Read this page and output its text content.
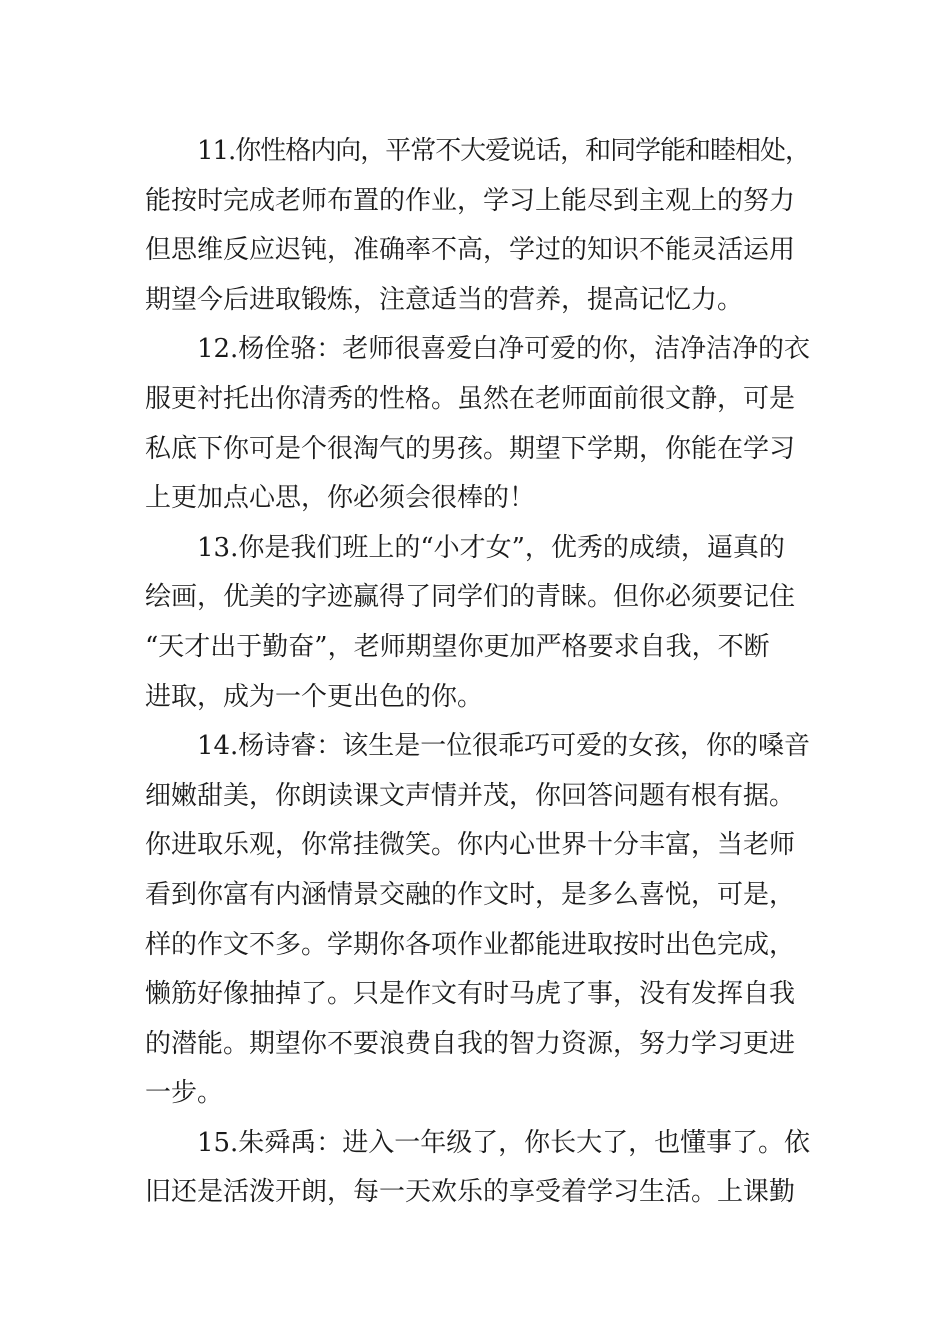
11.你性格内向，平常不大爱说话，和同学能和睦相处，
能按时完成老师布置的作业，学习上能尽到主观上的努力
但思维反应迟钝，准确率不高，学过的知识不能灵活运用
期望今后进取锻炼，注意适当的营养，提高记忆力。
12.杨佺骆：老师很喜爱白净可爱的你，洁净洁净的衣
服更衬托出你清秀的性格。虽然在老师面前很文静，可是
私底下你可是个很淘气的男孩。期望下学期，你能在学习
上更加点心思，你必须会很棒的！
13.你是我们班上的“小才女”，优秀的成绩，逼真的
绘画，优美的字迹赢得了同学们的青睐。但你必须要记住
“天才出于勤奋”，老师期望你更加严格要求自我，不断
进取，成为一个更出色的你。
14.杨诗睿：该生是一位很乖巧可爱的女孩，你的嗓音
细嫩甜美，你朗读课文声情并茂，你回答问题有根有据。
你进取乐观，你常挂微笑。你内心世界十分丰富，当老师
看到你富有内涵情景交融的作文时，是多么喜悦，可是，
样的作文不多。学期你各项作业都能进取按时出色完成，
懒筋好像抽掉了。只是作文有时马虎了事，没有发挥自我
的潜能。期望你不要浪费自我的智力资源，努力学习更进
一步。
15.朱舜禹：进入一年级了，你长大了，也懂事了。依
旧还是活泼开朗，每一天欢乐的享受着学习生活。上课勤
